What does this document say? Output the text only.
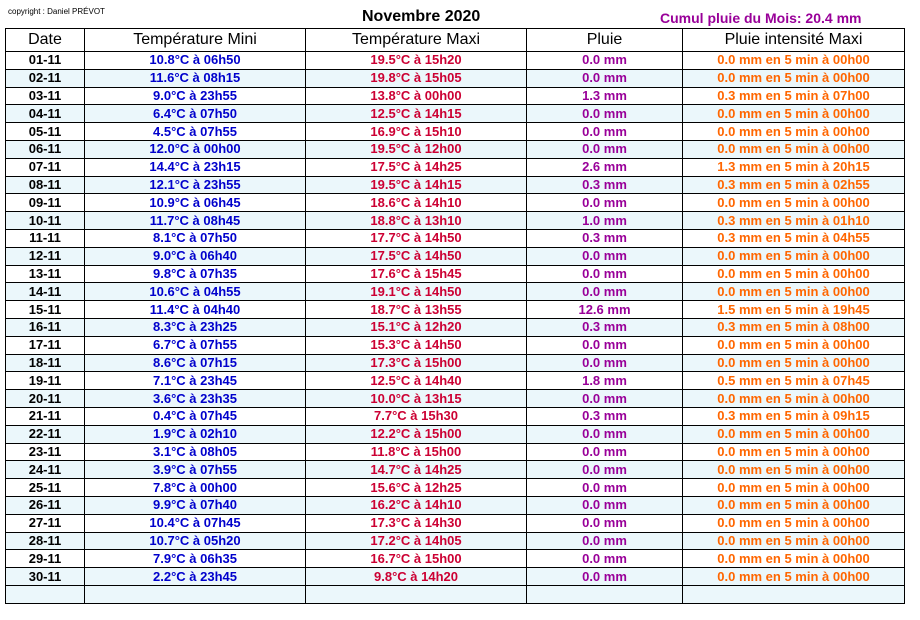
copyright : Daniel PRÉVOT	Novembre 2020	Cumul pluie du Mois: 20.4 mm
Date	Température Mini	Température Maxi	Pluie	Pluie intensité Maxi
01-11	10.8°C à 06h50	19.5°C à 15h20	0.0 mm	0.0 mm en 5 min à 00h00
02-11	11.6°C à 08h15	19.8°C à 15h05	0.0 mm	0.0 mm en 5 min à 00h00
03-11	9.0°C à 23h55	13.8°C à 00h00	1.3 mm	0.3 mm en 5 min à 07h00
04-11	6.4°C à 07h50	12.5°C à 14h15	0.0 mm	0.0 mm en 5 min à 00h00
05-11	4.5°C à 07h55	16.9°C à 15h10	0.0 mm	0.0 mm en 5 min à 00h00
06-11	12.0°C à 00h00	19.5°C à 12h00	0.0 mm	0.0 mm en 5 min à 00h00
07-11	14.4°C à 23h15	17.5°C à 14h25	2.6 mm	1.3 mm en 5 min à 20h15
08-11	12.1°C à 23h55	19.5°C à 14h15	0.3 mm	0.3 mm en 5 min à 02h55
09-11	10.9°C à 06h45	18.6°C à 14h10	0.0 mm	0.0 mm en 5 min à 00h00
10-11	11.7°C à 08h45	18.8°C à 13h10	1.0 mm	0.3 mm en 5 min à 01h10
11-11	8.1°C à 07h50	17.7°C à 14h50	0.3 mm	0.3 mm en 5 min à 04h55
12-11	9.0°C à 06h40	17.5°C à 14h50	0.0 mm	0.0 mm en 5 min à 00h00
13-11	9.8°C à 07h35	17.6°C à 15h45	0.0 mm	0.0 mm en 5 min à 00h00
14-11	10.6°C à 04h55	19.1°C à 14h50	0.0 mm	0.0 mm en 5 min à 00h00
15-11	11.4°C à 04h40	18.7°C à 13h55	12.6 mm	1.5 mm en 5 min à 19h45
16-11	8.3°C à 23h25	15.1°C à 12h20	0.3 mm	0.3 mm en 5 min à 08h00
17-11	6.7°C à 07h55	15.3°C à 14h50	0.0 mm	0.0 mm en 5 min à 00h00
18-11	8.6°C à 07h15	17.3°C à 15h00	0.0 mm	0.0 mm en 5 min à 00h00
19-11	7.1°C à 23h45	12.5°C à 14h40	1.8 mm	0.5 mm en 5 min à 07h45
20-11	3.6°C à 23h35	10.0°C à 13h15	0.0 mm	0.0 mm en 5 min à 00h00
21-11	0.4°C à 07h45	7.7°C à 15h30	0.3 mm	0.3 mm en 5 min à 09h15
22-11	1.9°C à 02h10	12.2°C à 15h00	0.0 mm	0.0 mm en 5 min à 00h00
23-11	3.1°C à 08h05	11.8°C à 15h00	0.0 mm	0.0 mm en 5 min à 00h00
24-11	3.9°C à 07h55	14.7°C à 14h25	0.0 mm	0.0 mm en 5 min à 00h00
25-11	7.8°C à 00h00	15.6°C à 12h25	0.0 mm	0.0 mm en 5 min à 00h00
26-11	9.9°C à 07h40	16.2°C à 14h10	0.0 mm	0.0 mm en 5 min à 00h00
27-11	10.4°C à 07h45	17.3°C à 14h30	0.0 mm	0.0 mm en 5 min à 00h00
28-11	10.7°C à 05h20	17.2°C à 14h05	0.0 mm	0.0 mm en 5 min à 00h00
29-11	7.9°C à 06h35	16.7°C à 15h00	0.0 mm	0.0 mm en 5 min à 00h00
30-11	2.2°C à 23h45	9.8°C à 14h20	0.0 mm	0.0 mm en 5 min à 00h00
